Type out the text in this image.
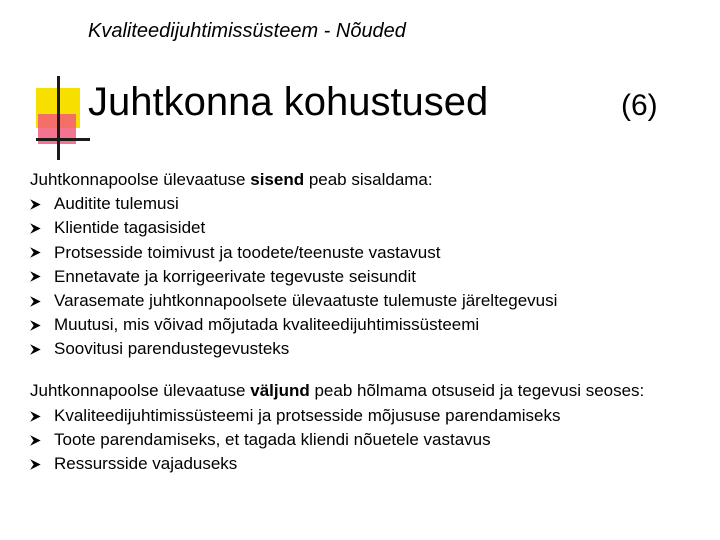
Kvaliteedijuhtimissüsteem - Nõuded
Juhtkonna kohustused	(6)

Juhtkonnapoolse ülevaatuse sisend peab sisaldama:

Auditite tulemusi
Klientide tagasisidet
Protsesside toimivust ja toodete/teenuste vastavust
Ennetavate ja korrigeerivate tegevuste seisundit
Varasemate juhtkonnapoolsete ülevaatuste tulemuste järeltegevusi
Muutusi, mis võivad mõjutada kvaliteedijuhtimissüsteemi
Soovitusi parendustegevusteks

Juhtkonnapoolse ülevaatuse väljund peab hõlmama otsuseid ja tegevusi seoses:

Kvaliteedijuhtimissüsteemi ja protsesside mõjususe parendamiseks
Toote parendamiseks, et tagada kliendi nõuetele vastavus
Ressursside vajaduseks
